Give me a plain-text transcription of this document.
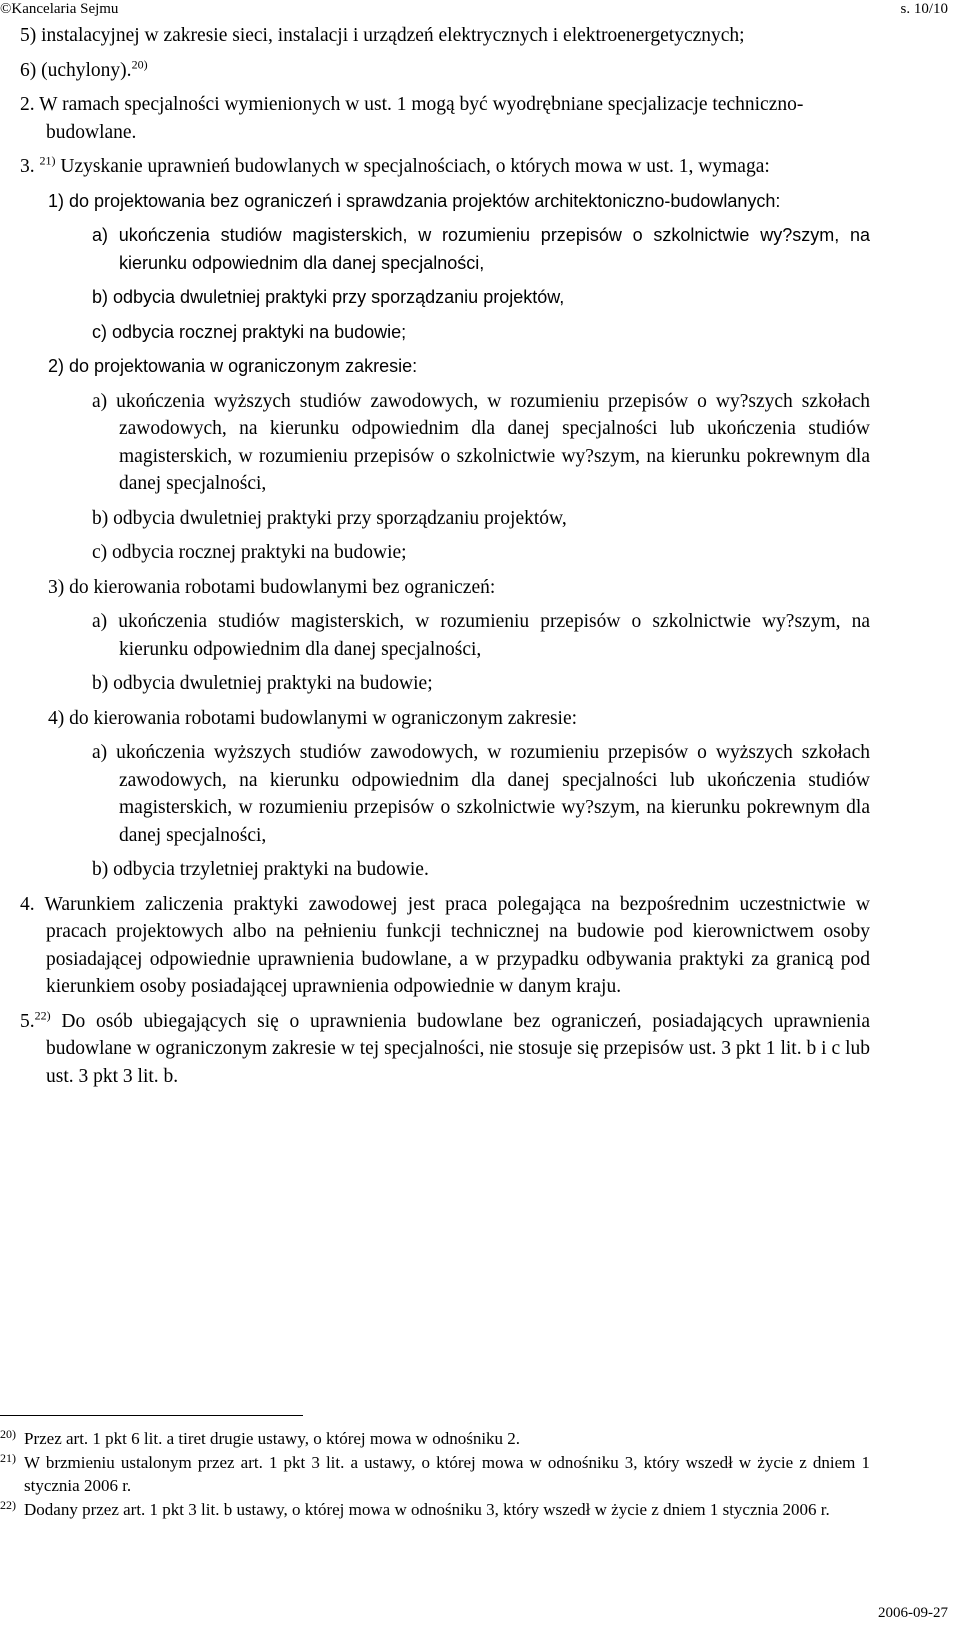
©Kancelaria Sejmu	s. 10/10

5) instalacyjnej w zakresie sieci, instalacji i urządzeń elektrycznych i elektroenergetycznych;

6) (uchylony).$^{20)}$

2. W ramach specjalności wymienionych w ust. 1 mogą być wyodrębniane specjalizacje techniczno-budowlane.

3. $^{21)}$ Uzyskanie uprawnień budowlanych w specjalnościach, o których mowa w ust. 1, wymaga:

1) do projektowania bez ograniczeń i sprawdzania projektów architektoniczno-budowlanych:

a) ukończenia studiów magisterskich, w rozumieniu przepisów o szkolnictwie wy?szym, na kierunku odpowiednim dla danej specjalności,

b) odbycia dwuletniej praktyki przy sporządzaniu projektów,

c) odbycia rocznej praktyki na budowie;

2) do projektowania w ograniczonym zakresie:

a) ukończenia wyższych studiów zawodowych, w rozumieniu przepisów o wy?szych szkołach zawodowych, na kierunku odpowiednim dla danej specjalności lub ukończenia studiów magisterskich, w rozumieniu przepisów o szkolnictwie wy?szym, na kierunku pokrewnym dla danej specjalności,

b) odbycia dwuletniej praktyki przy sporządzaniu projektów,

c) odbycia rocznej praktyki na budowie;

3) do kierowania robotami budowlanymi bez ograniczeń:

a) ukończenia studiów magisterskich, w rozumieniu przepisów o szkolnictwie wy?szym, na kierunku odpowiednim dla danej specjalności,

b) odbycia dwuletniej praktyki na budowie;

4) do kierowania robotami budowlanymi w ograniczonym zakresie:

a) ukończenia wyższych studiów zawodowych, w rozumieniu przepisów o wyższych szkołach zawodowych, na kierunku odpowiednim dla danej specjalności lub ukończenia studiów magisterskich, w rozumieniu przepisów o szkolnictwie wy?szym, na kierunku pokrewnym dla danej specjalności,

b) odbycia trzyletniej praktyki na budowie.

4. Warunkiem zaliczenia praktyki zawodowej jest praca polegająca na bezpośrednim uczestnictwie w pracach projektowych albo na pełnieniu funkcji technicznej na budowie pod kierownictwem osoby posiadającej odpowiednie uprawnienia budowlane, a w przypadku odbywania praktyki za granicą pod kierunkiem osoby posiadającej uprawnienia odpowiednie w danym kraju.

5.$^{22)}$ Do osób ubiegających się o uprawnienia budowlane bez ograniczeń, posiadających uprawnienia budowlane w ograniczonym zakresie w tej specjalności, nie stosuje się przepisów ust. 3 pkt 1 lit. b i c lub ust. 3 pkt 3 lit. b.

20) Przez art. 1 pkt 6 lit. a tiret drugie ustawy, o której mowa w odnośniku 2.
21) W brzmieniu ustalonym przez art. 1 pkt 3 lit. a ustawy, o której mowa w odnośniku 3, który wszedł w życie z dniem 1 stycznia 2006 r.
22) Dodany przez art. 1 pkt 3 lit. b ustawy, o której mowa w odnośniku 3, który wszedł w życie z dniem 1 stycznia 2006 r.
2006-09-27
